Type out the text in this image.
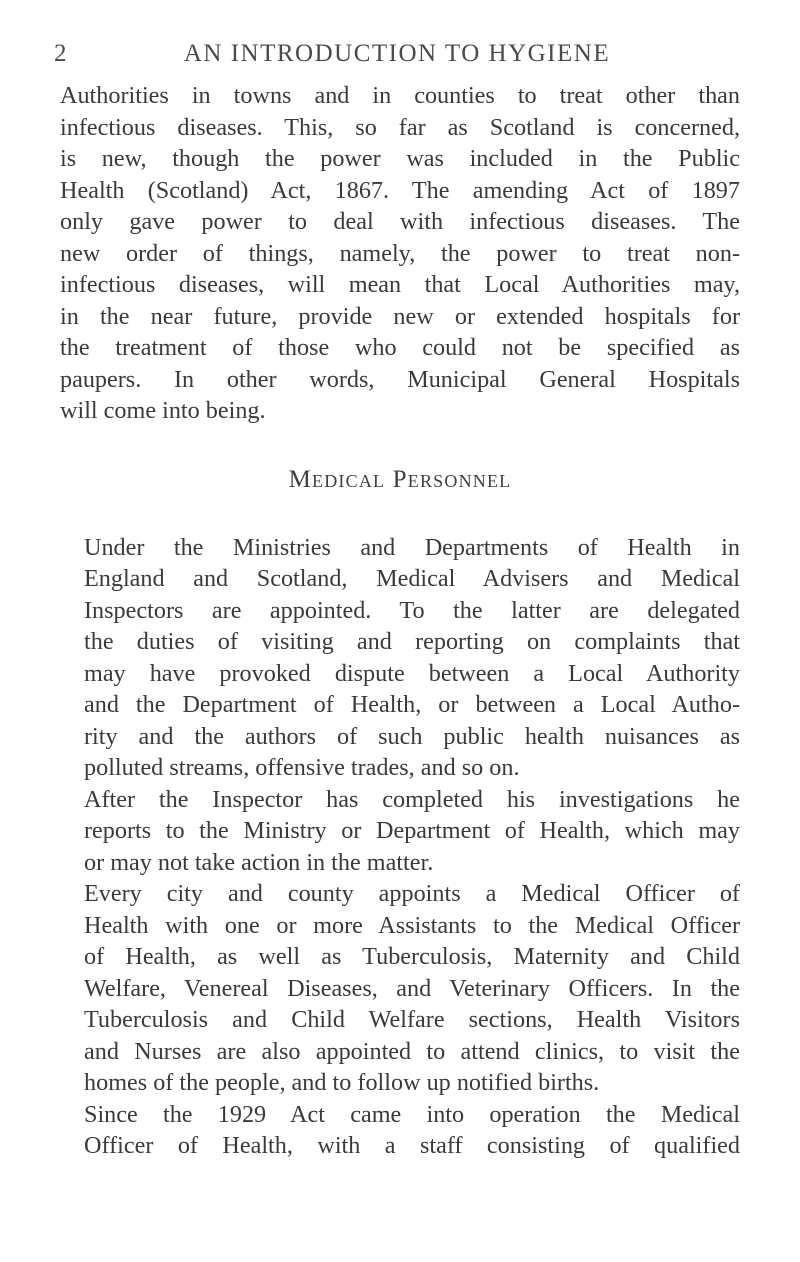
2	AN INTRODUCTION TO HYGIENE

Authorities in towns and in counties to treat other than
infectious diseases. This, so far as Scotland is concerned,
is new, though the power was included in the Public
Health (Scotland) Act, 1867. The amending Act of 1897
only gave power to deal with infectious diseases. The
new order of things, namely, the power to treat non-
infectious diseases, will mean that Local Authorities may,
in the near future, provide new or extended hospitals for
the treatment of those who could not be specified as
paupers. In other words, Municipal General Hospitals
will come into being.

Medical Personnel

Under the Ministries and Departments of Health in
England and Scotland, Medical Advisers and Medical
Inspectors are appointed. To the latter are delegated
the duties of visiting and reporting on complaints that
may have provoked dispute between a Local Authority
and the Department of Health, or between a Local Autho-
rity and the authors of such public health nuisances as
polluted streams, offensive trades, and so on.

After the Inspector has completed his investigations he
reports to the Ministry or Department of Health, which may
or may not take action in the matter.

Every city and county appoints a Medical Officer of
Health with one or more Assistants to the Medical Officer
of Health, as well as Tuberculosis, Maternity and Child
Welfare, Venereal Diseases, and Veterinary Officers. In the
Tuberculosis and Child Welfare sections, Health Visitors
and Nurses are also appointed to attend clinics, to visit the
homes of the people, and to follow up notified births.

Since the 1929 Act came into operation the Medical
Officer of Health, with a staff consisting of qualified
